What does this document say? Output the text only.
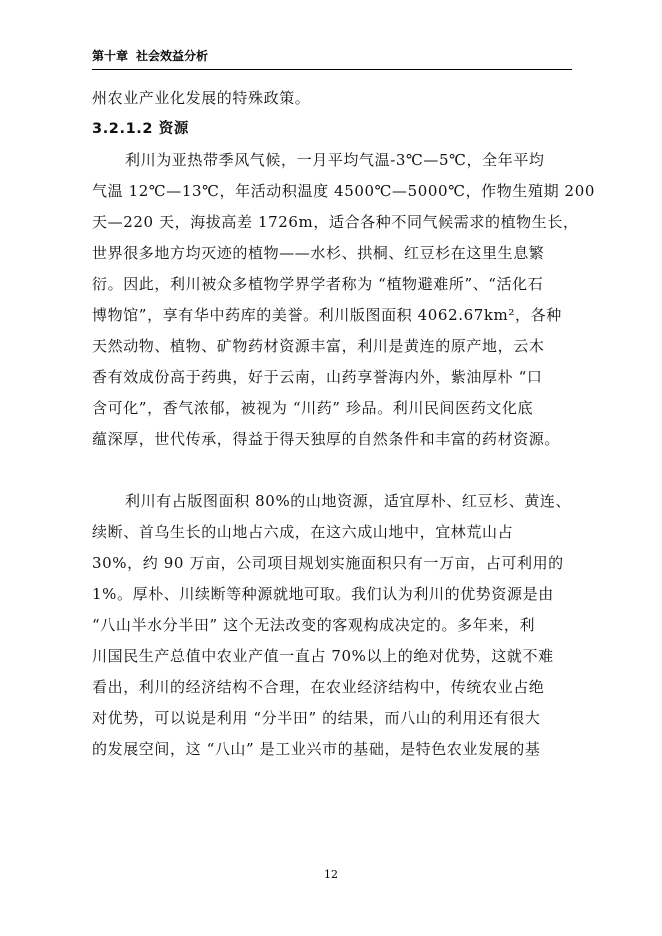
第十章 社会效益分析
州农业产业化发展的特殊政策。
3.2.1.2 资源
利川为亚热带季风气候，一月平均气温-3℃—5℃，全年平均
气温 12℃—13℃，年活动积温度 4500℃—5000℃，作物生殖期 200
天—220 天，海拔高差 1726m，适合各种不同气候需求的植物生长，
世界很多地方均灭迹的植物——水杉、拱桐、红豆杉在这里生息繁
衍。因此，利川被众多植物学界学者称为 “植物避难所”、“活化石
博物馆”，享有华中药库的美誉。利川版图面积 4062.67km²，各种
天然动物、植物、矿物药材资源丰富，利川是黄连的原产地，云木
香有效成份高于药典，好于云南，山药享誉海内外，紫油厚朴 “口
含可化”，香气浓郁，被视为 “川药” 珍品。利川民间医药文化底
蕴深厚，世代传承，得益于得天独厚的自然条件和丰富的药材资源。
利川有占版图面积 80%的山地资源，适宜厚朴、红豆杉、黄连、
续断、首乌生长的山地占六成，在这六成山地中，宜林荒山占
30%，约 90 万亩，公司项目规划实施面积只有一万亩，占可利用的
1%。厚朴、川续断等种源就地可取。我们认为利川的优势资源是由
“八山半水分半田” 这个无法改变的客观构成决定的。多年来，利
川国民生产总值中农业产值一直占 70%以上的绝对优势，这就不难
看出，利川的经济结构不合理，在农业经济结构中，传统农业占绝
对优势，可以说是利用 “分半田” 的结果，而八山的利用还有很大
的发展空间，这 “八山” 是工业兴市的基础，是特色农业发展的基
12
